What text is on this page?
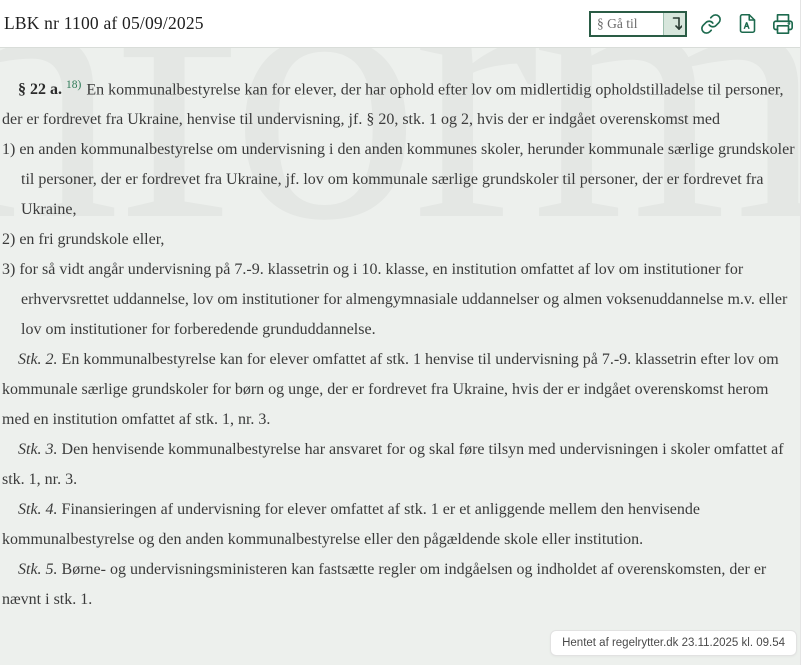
LBK nr 1100 af 05/09/2025
§ Gå til	A

§ 22 a. $^{18)}$ En kommunalbestyrelse kan for elever, der har ophold efter lov om midlertidig opholdstilladelse til personer, der er fordrevet fra Ukraine, henvise til undervisning, jf. § 20, stk. 1 og 2, hvis der er indgået overenskomst med

1) en anden kommunalbestyrelse om undervisning i den anden kommunes skoler, herunder kommunale særlige grundskoler til personer, der er fordrevet fra Ukraine, jf. lov om kommunale særlige grundskoler til personer, der er fordrevet fra Ukraine,

2) en fri grundskole eller,

3) for så vidt angår undervisning på 7.-9. klassetrin og i 10. klasse, en institution omfattet af lov om institutioner for erhvervsrettet uddannelse, lov om institutioner for almengymnasiale uddannelser og almen voksenuddannelse m.v. eller lov om institutioner for forberedende grunduddannelse.

Stk. 2. En kommunalbestyrelse kan for elever omfattet af stk. 1 henvise til undervisning på 7.-9. klassetrin efter lov om kommunale særlige grundskoler for børn og unge, der er fordrevet fra Ukraine, hvis der er indgået overenskomst herom med en institution omfattet af stk. 1, nr. 3.

Stk. 3. Den henvisende kommunalbestyrelse har ansvaret for og skal føre tilsyn med undervisningen i skoler omfattet af stk. 1, nr. 3.

Stk. 4. Finansieringen af undervisning for elever omfattet af stk. 1 er et anliggende mellem den henvisende kommunalbestyrelse og den anden kommunalbestyrelse eller den pågældende skole eller institution.

Stk. 5. Børne- og undervisningsministeren kan fastsætte regler om indgåelsen og indholdet af overenskomsten, der er nævnt i stk. 1.

Hentet af regelrytter.dk 23.11.2025 kl. 09.54
